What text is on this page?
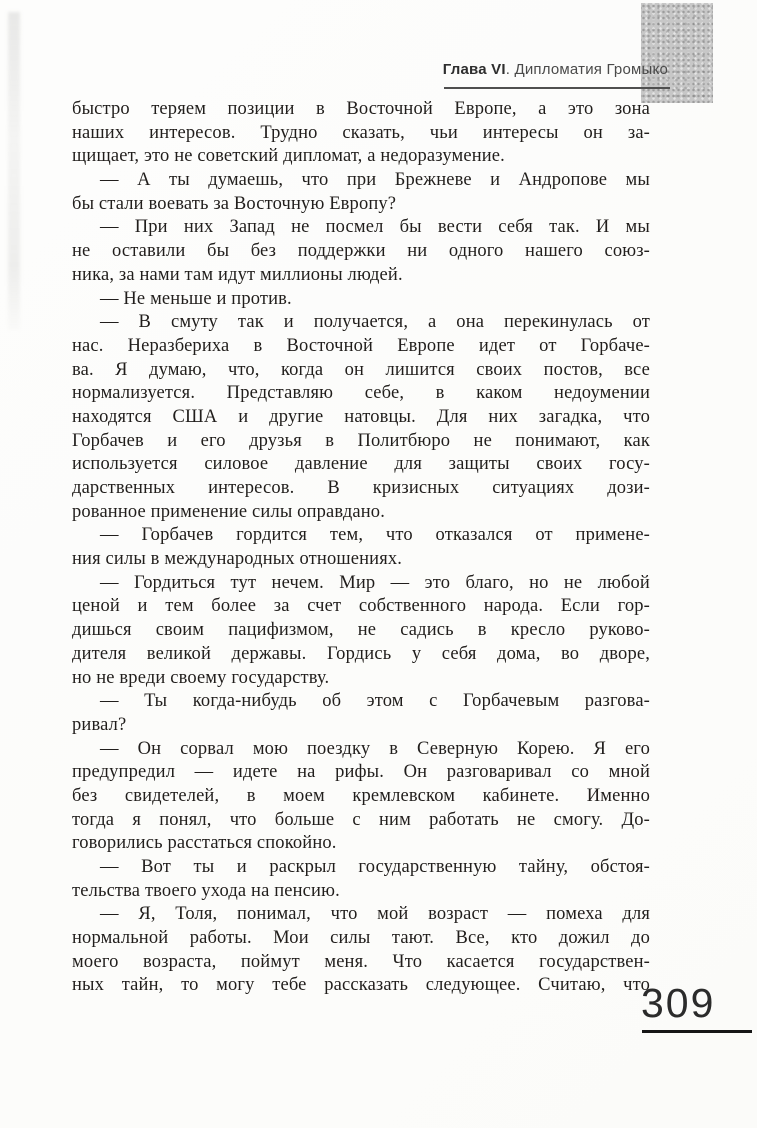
Глава VI. Дипломатия Громыко
быстро теряем позиции в Восточной Европе, а это зона
наших интересов. Трудно сказать, чьи интересы он за-
щищает, это не советский дипломат, а недоразумение.
— А ты думаешь, что при Брежневе и Андропове мы
бы стали воевать за Восточную Европу?
— При них Запад не посмел бы вести себя так. И мы
не оставили бы без поддержки ни одного нашего союз-
ника, за нами там идут миллионы людей.
— Не меньше и против.
— В смуту так и получается, а она перекинулась от
нас. Неразбериха в Восточной Европе идет от Горбаче-
ва. Я думаю, что, когда он лишится своих постов, все
нормализуется. Представляю себе, в каком недоумении
находятся США и другие натовцы. Для них загадка, что
Горбачев и его друзья в Политбюро не понимают, как
используется силовое давление для защиты своих госу-
дарственных интересов. В кризисных ситуациях дози-
рованное применение силы оправдано.
— Горбачев гордится тем, что отказался от примене-
ния силы в международных отношениях.
— Гордиться тут нечем. Мир — это благо, но не любой
ценой и тем более за счет собственного народа. Если гор-
дишься своим пацифизмом, не садись в кресло руково-
дителя великой державы. Гордись у себя дома, во дворе,
но не вреди своему государству.
— Ты когда-нибудь об этом с Горбачевым разгова-
ривал?
— Он сорвал мою поездку в Северную Корею. Я его
предупредил — идете на рифы. Он разговаривал со мной
без свидетелей, в моем кремлевском кабинете. Именно
тогда я понял, что больше с ним работать не смогу. До-
говорились расстаться спокойно.
— Вот ты и раскрыл государственную тайну, обстоя-
тельства твоего ухода на пенсию.
— Я, Толя, понимал, что мой возраст — помеха для
нормальной работы. Мои силы тают. Все, кто дожил до
моего возраста, поймут меня. Что касается государствен-
ных тайн, то могу тебе рассказать следующее. Считаю, что
309
